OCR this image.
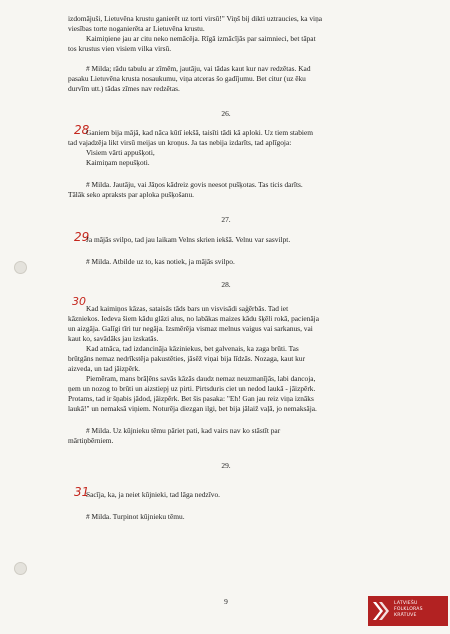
izdomājuši, Lietuvēna krustu ganierēt uz torti virsū!" Viņš bij dikti uztraucies, ka viņa
viesības torte noganierēta ar Lietuvēna krustu.
Kaimiņiene jau ar citu neko nemācēja. Rīgā izmācījās par saimnieci, bet tāpat
tos krustus vien visiem vilka virsū.
# Milda; rādu tabulu ar zīmēm, jautāju, vai tādas kaut kur nav redzētas. Kad
pasaku Lietuvēna krusta nosaukumu, viņa atceras šo gadījumu. Bet citur (uz ēku
durvīm utt.) tādas zīmes nav redzētas.
26.
28
Ganiem bija mājā, kad nāca kūtī iekšā, taisīti tādi kā aploki. Uz tiem stabiem
tad vajadzēja likt virsū meijas un kroņus. Ja tas nebija izdarīts, tad aplīgoja:
Visiem vārti appušķoti,
Kaimiņam nepušķoti.
# Milda. Jautāju, vai Jāņos kādreiz govis neesot pušķotas. Tas ticis darīts.
Tālāk seko apraksts par aploka pušķošanu.
27.
29
Ja mājās svilpo, tad jau laikam Velns skrien iekšā. Velnu var sasvilpt.
# Milda. Atbilde uz to, kas notiek, ja mājās svilpo.
28.
30
Kad kaimiņos kāzas, sataisās tāds bars un visvisādi saģērbās. Tad iet
kāzniekos. Iedeva šiem kādu glāzi alus, no labākas maizes kādu šķēli rokā, pacienāja
un aizgāja. Galīgi tīri tur negāja. Izsmērēja vismaz melnus vaigus vai sarkanus, vai
kaut ko, savādāks jau izskatās.
Kad atnāca, tad izdancināja kāziniekus, bet galvenais, ka zaga brūti. Tas
brūtgāns nemaz nedrīkstēja pakustēties, jāsēž viņai bija līdzās. Nozaga, kaut kur
aizveda, un tad jāizpērk.
Piemēram, mans brāļēns savās kāzās daudz nemaz neuzmanījās, labi dancoja,
ņem un nozog to brūti un aizstiepj uz pirti. Pirtsduris ciet un nedod laukā - jāizpērk.
Protams, tad ir šņabis jādod, jāizpērk. Bet šis pasaka: "Eh! Gan jau reiz viņa iznāks
laukā!" un nemaksā viņiem. Noturēja diezgan ilgi, bet bija jālaiž vaļā, jo nemaksāja.
# Milda. Uz kūjnieku tēmu pāriet pati, kad vairs nav ko stāstīt par
mārtiņbērniem.
29.
31
Sacīja, ka, ja neiet kūjnieki, tad lāga nedzīvo.
# Milda. Turpinot kūjnieku tēmu.
9	LATVIEŠU
FOLKLORAS
KRĀTUVE
